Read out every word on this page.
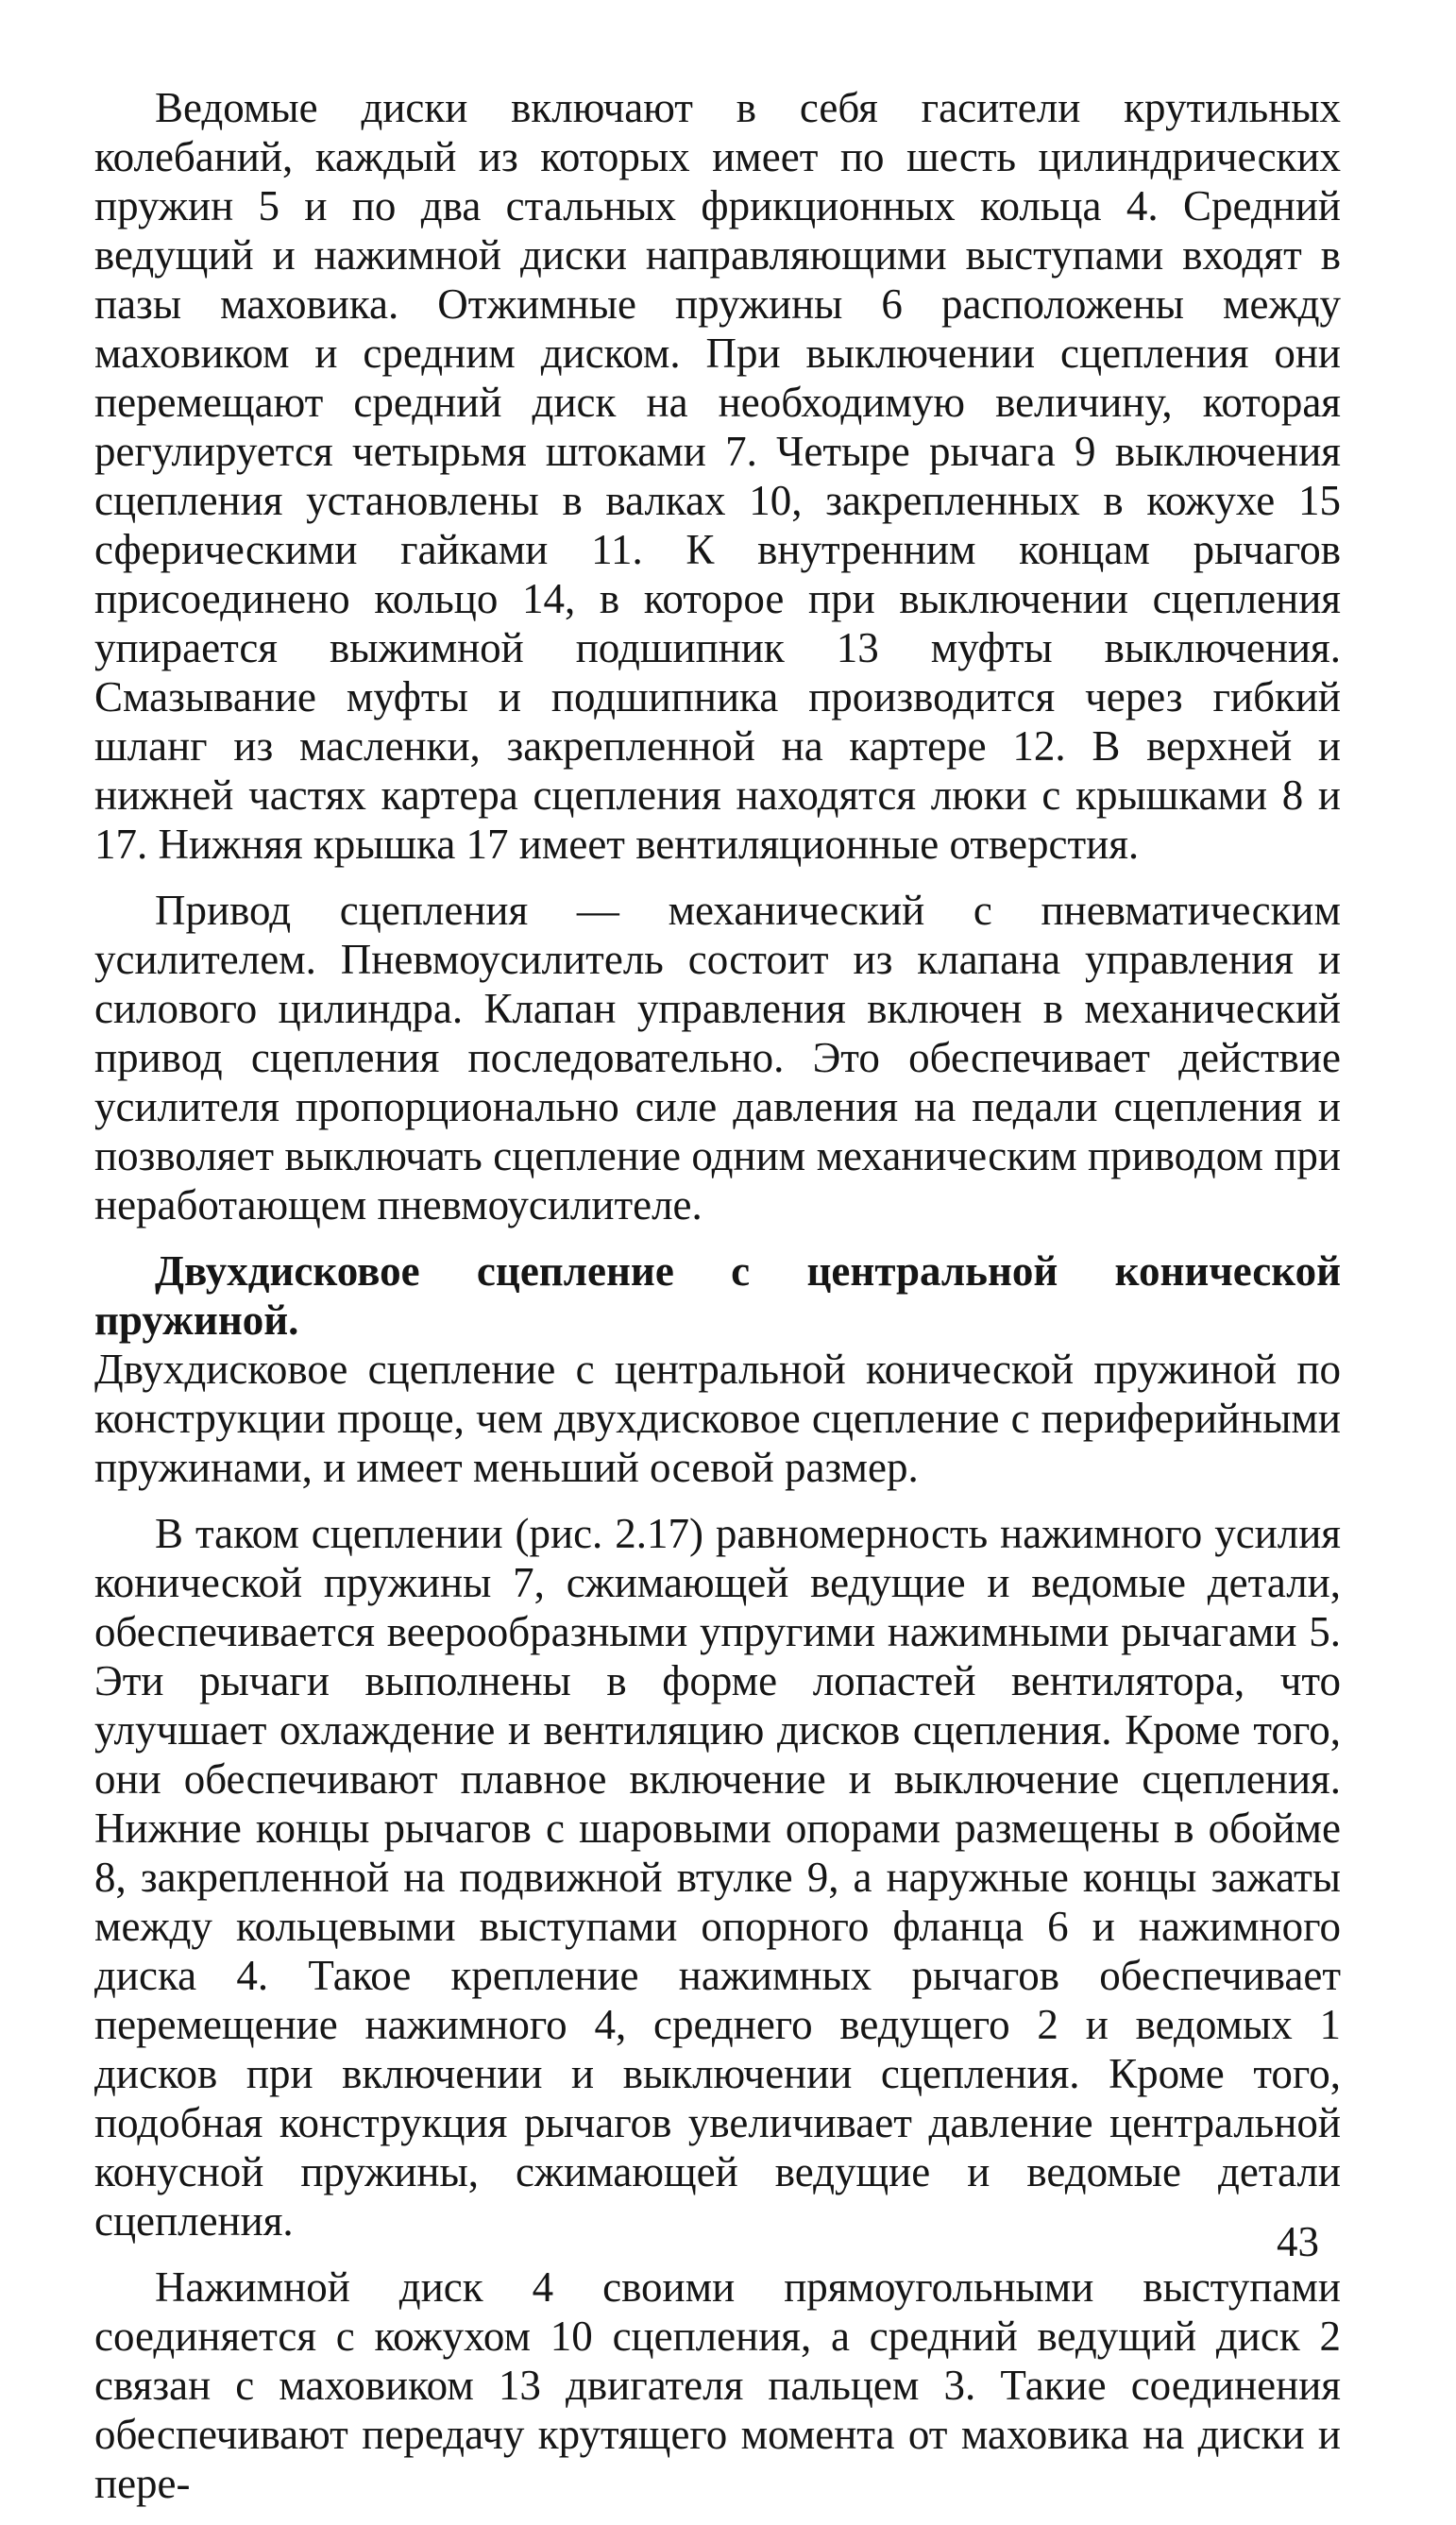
Ведомые диски включают в себя гасители крутильных колебаний, каждый из которых имеет по шесть цилиндрических пружин 5 и по два стальных фрикционных кольца 4. Средний ведущий и нажимной диски направляющими выступами входят в пазы маховика. Отжимные пружины 6 расположены между маховиком и средним диском. При выключении сцепления они перемещают средний диск на необходимую величину, которая регулируется четырьмя штоками 7. Четыре рычага 9 выключения сцепления установлены в валках 10, закрепленных в кожухе 15 сферическими гайками 11. К внутренним концам рычагов присоединено кольцо 14, в которое при выключении сцепления упирается выжимной подшипник 13 муфты выключения. Смазывание муфты и подшипника производится через гибкий шланг из масленки, закрепленной на картере 12. В верхней и нижней частях картера сцепления находятся люки с крышками 8 и 17. Нижняя крышка 17 имеет вентиляционные отверстия.

Привод сцепления — механический с пневматическим усилителем. Пневмоусилитель состоит из клапана управления и силового цилиндра. Клапан управления включен в механический привод сцепления последовательно. Это обеспечивает действие усилителя пропорционально силе давления на педали сцепления и позволяет выключать сцепление одним механическим приводом при неработающем пневмоусилителе.

Двухдисковое сцепление с центральной конической пружиной.
Двухдисковое сцепление с центральной конической пружиной по конструкции проще, чем двухдисковое сцепление с периферийными пружинами, и имеет меньший осевой размер.

В таком сцеплении (рис. 2.17) равномерность нажимного усилия конической пружины 7, сжимающей ведущие и ведомые детали, обеспечивается веерообразными упругими нажимными рычагами 5. Эти рычаги выполнены в форме лопастей вентилятора, что улучшает охлаждение и вентиляцию дисков сцепления. Кроме того, они обеспечивают плавное включение и выключение сцепления. Нижние концы рычагов с шаровыми опорами размещены в обойме 8, закрепленной на подвижной втулке 9, а наружные концы зажаты между кольцевыми выступами опорного фланца 6 и нажимного диска 4. Такое крепление нажимных рычагов обеспечивает перемещение нажимного 4, среднего ведущего 2 и ведомых 1 дисков при включении и выключении сцепления. Кроме того, подобная конструкция рычагов увеличивает давление центральной конусной пружины, сжимающей ведущие и ведомые детали сцепления.

Нажимной диск 4 своими прямоугольными выступами соединяется с кожухом 10 сцепления, а средний ведущий диск 2 связан с маховиком 13 двигателя пальцем 3. Такие соединения обеспечивают передачу крутящего момента от маховика на диски и пере-

43
